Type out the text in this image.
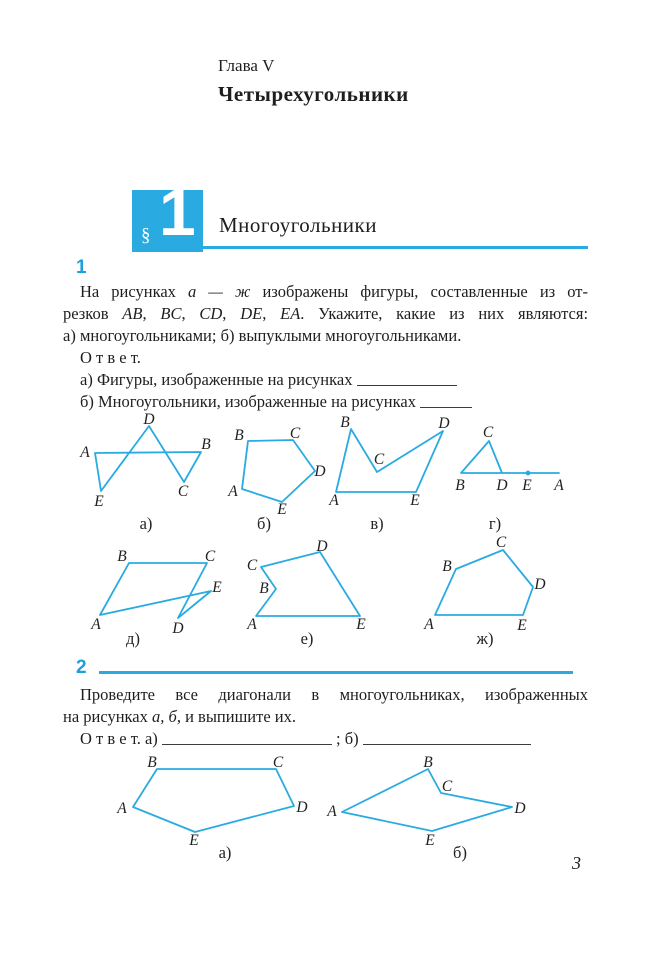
Глава V
Четырехугольники
§ 1 Многоугольники
1
На рисунках а — ж изображены фигуры, составленные из от-
резков AB, BC, CD, DE, EA. Укажите, какие из них являются:
а) многоугольниками; б) выпуклыми многоугольниками.
О т в е т.
а) Фигуры, изображенные на рисунках
б) Многоугольники, изображенные на рисунках
2
Проведите все диагонали в многоугольниках, изображенных
на рисунках а, б, и выпишите их.
О т в е т. а)	; б)
A	B
C
D
E
а)
A
B	C
D
E
б)
A
B
C
D
E
в)
A
B
C
D E
г)
A
B	C
D
E
д)
A
B
C
D
E
е)
A
B
C
D
E
ж)
A
B	C
D
E
а)
A
B
C
D
E
б)
3
